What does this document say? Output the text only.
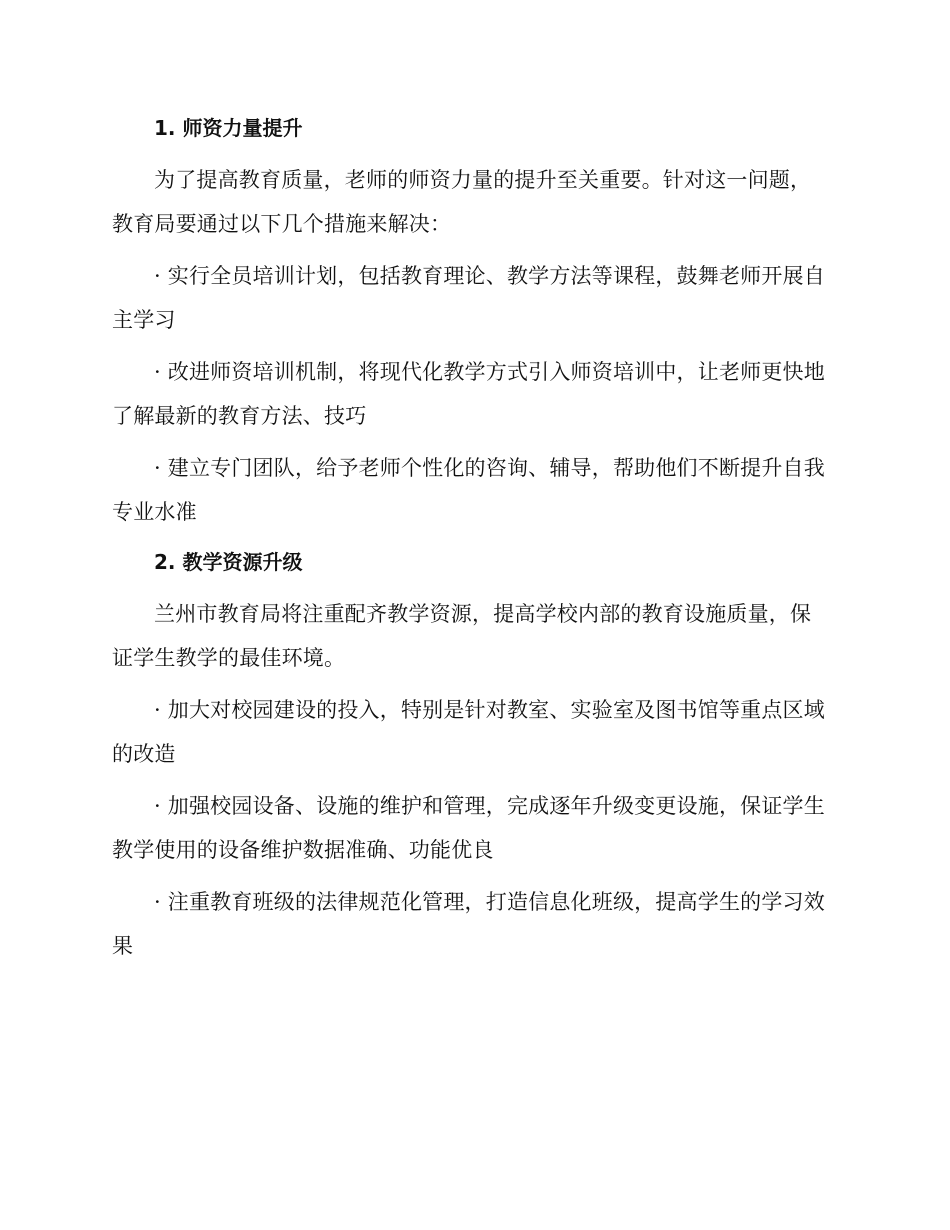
1. 师资力量提升

为了提高教育质量，老师的师资力量的提升至关重要。针对这一问题，教育局要通过以下几个措施来解决：

· 实行全员培训计划，包括教育理论、教学方法等课程，鼓舞老师开展自主学习

· 改进师资培训机制，将现代化教学方式引入师资培训中，让老师更快地了解最新的教育方法、技巧

· 建立专门团队，给予老师个性化的咨询、辅导，帮助他们不断提升自我专业水准

2. 教学资源升级

兰州市教育局将注重配齐教学资源，提高学校内部的教育设施质量，保证学生教学的最佳环境。

· 加大对校园建设的投入，特别是针对教室、实验室及图书馆等重点区域的改造

· 加强校园设备、设施的维护和管理，完成逐年升级变更设施，保证学生教学使用的设备维护数据准确、功能优良

· 注重教育班级的法律规范化管理，打造信息化班级，提高学生的学习效果
